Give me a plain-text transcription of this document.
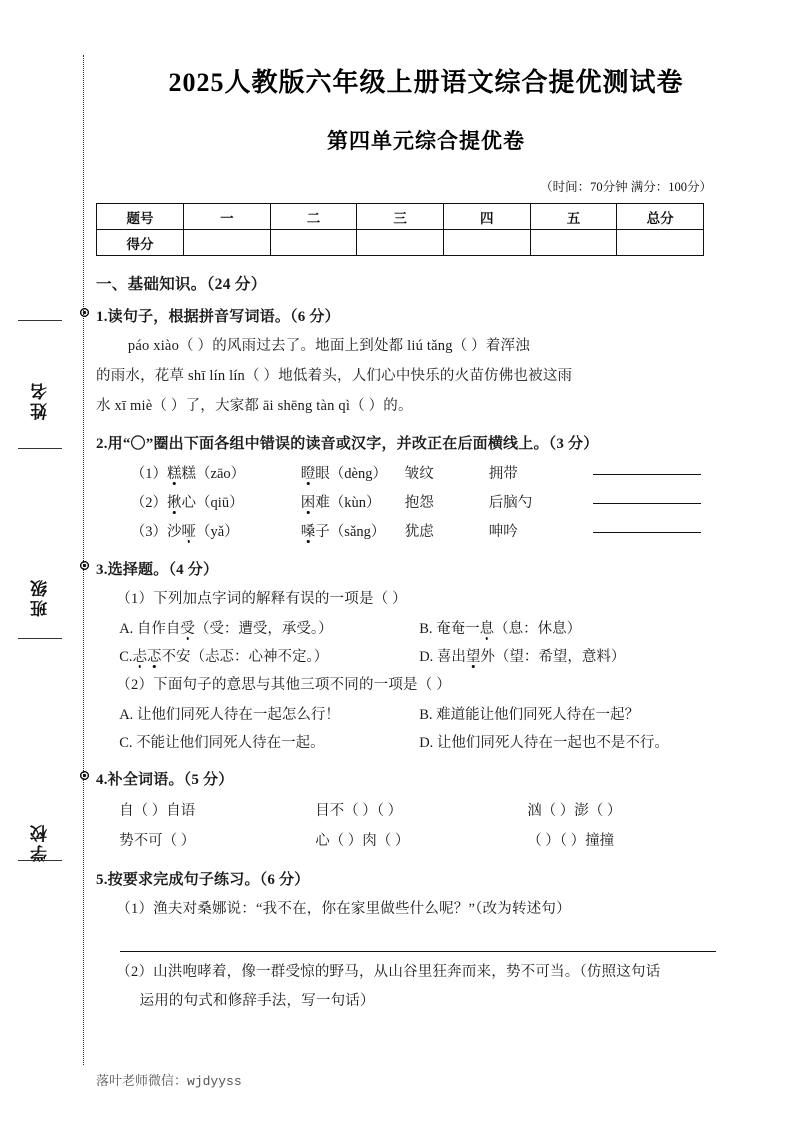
姓名
班级
学校
2025人教版六年级上册语文综合提优测试卷
第四单元综合提优卷
（时间：70分钟 满分：100分）
题号	一	二	三	四	五	总分
得分						
一、基础知识。（24 分）
1.读句子，根据拼音写词语。（6 分）
páo xiào（ ）的风雨过去了。地面上到处都 liú tǎng（ ）着浑浊
的雨水，花草 shī lín lín（ ）地低着头，人们心中快乐的火苗仿佛也被这雨
水 xī miè（ ）了，大家都 āi shēng tàn qì（ ）的。
2.用“〇”圈出下面各组中错误的读音或汉字，并改正在后面横线上。（3 分）
（1）糕糕（zāo）	瞪眼（dèng）	皱纹	拥带
（2）揪心（qiū）	困难（kùn）	抱怨	后脑勺
（3）沙哑（yǎ）	嗓子（sǎng）	犹虑	呻吟
3.选择题。（4 分）
（1）下列加点字词的解释有误的一项是（ ）
A. 自作自受（受：遭受，承受。）	B. 奄奄一息（息：休息）
C.忐忑不安（忐忑：心神不定。）	D. 喜出望外（望：希望，意料）
（2）下面句子的意思与其他三项不同的一项是（ ）
A. 让他们同死人待在一起怎么行！	B. 难道能让他们同死人待在一起？
C. 不能让他们同死人待在一起。	D. 让他们同死人待在一起也不是不行。
4.补全词语。（5 分）
自（ ）自语	目不（ ）（ ）	汹（ ）澎（ ）
势不可（ ）	心（ ）肉（ ）	（ ）（ ）撞撞
5.按要求完成句子练习。（6 分）
（1）渔夫对桑娜说：“我不在，你在家里做些什么呢？”（改为转述句）
（2）山洪咆哮着，像一群受惊的野马，从山谷里狂奔而来，势不可当。（仿照这句话
运用的句式和修辞手法，写一句话）
落叶老师微信：wjdyyss
